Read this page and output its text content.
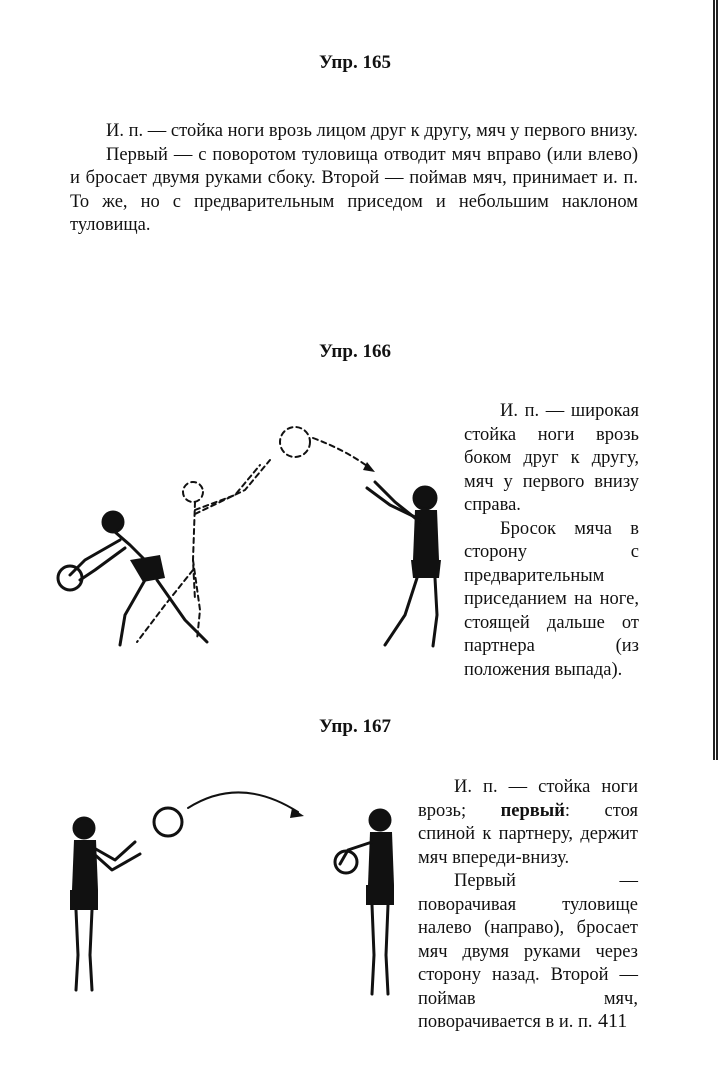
Упр. 165

И. п. — стойка ноги врозь лицом друг к другу, мяч у первого внизу.

Первый — с поворотом туловища отводит мяч вправо (или влево) и бросает двумя руками сбоку. Второй — поймав мяч, принимает и. п. То же, но с предварительным приседом и небольшим наклоном туловища.

Упр. 166

И. п. — широкая стойка ноги врозь боком друг к другу, мяч у первого внизу справа.

Бросок мяча в сторону с предварительным приседанием на ноге, стоящей дальше от партнера (из положения выпада).

Упр. 167

И. п. — стойка ноги врозь; первый: стоя спиной к партнеру, держит мяч впереди-внизу.

Первый — поворачивая туловище налево (направо), бросает мяч двумя руками через сторону назад. Второй — поймав мяч, поворачивается в и. п. 411
